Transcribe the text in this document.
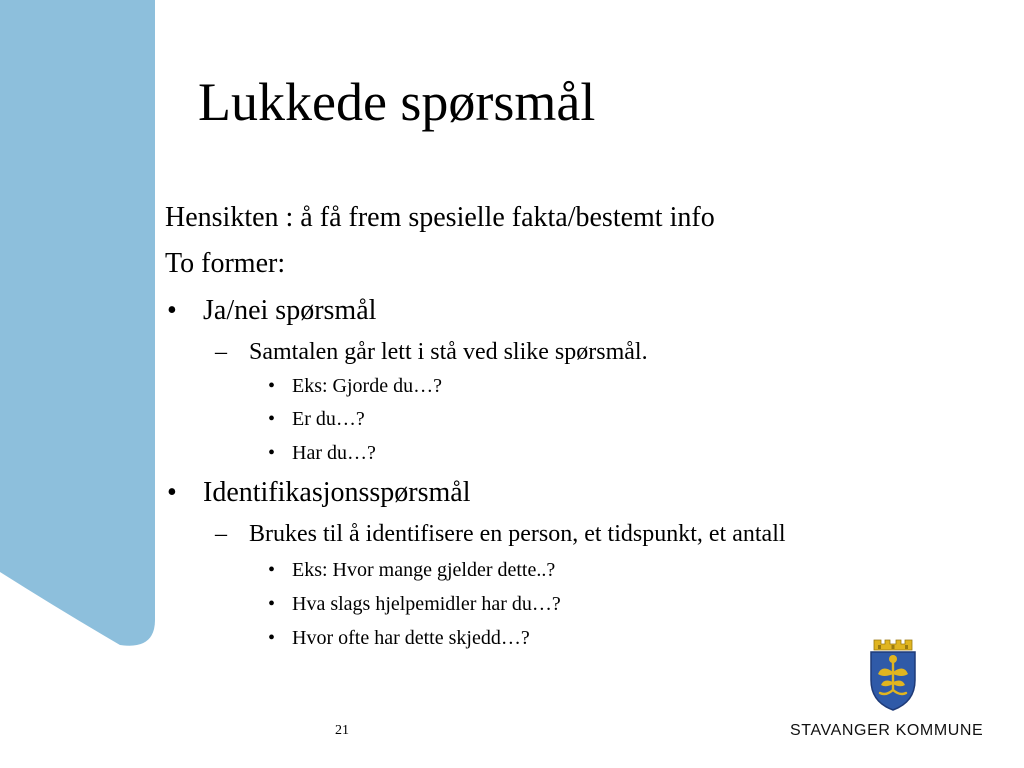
Lukkede spørsmål
Hensikten : å få frem spesielle fakta/bestemt info
To former:
• Ja/nei spørsmål
– Samtalen går lett i stå ved slike spørsmål.
• Eks: Gjorde du…?
• Er du…?
• Har du…?
• Identifikasjonsspørsmål
– Brukes til å identifisere en person, et tidspunkt, et antall
• Eks: Hvor mange gjelder dette..?
• Hva slags hjelpemidler har du…?
• Hvor ofte har dette skjedd…?
21	STAVANGER KOMMUNE
